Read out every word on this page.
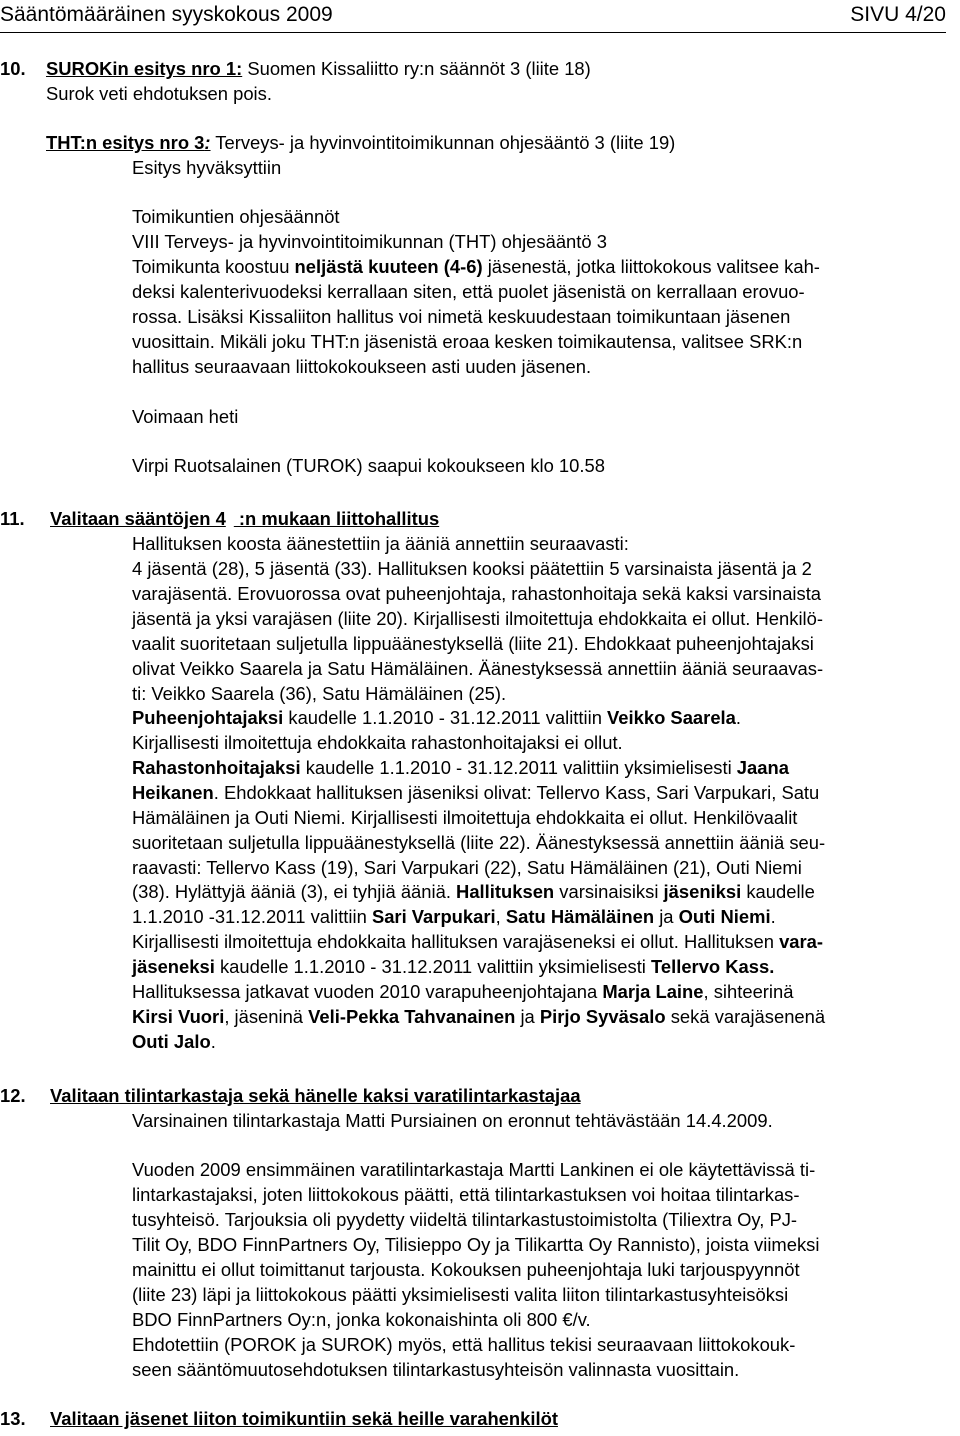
Sääntömääräinen syyskokous 2009	SIVU 4/20
10. SUROKin esitys nro 1: Suomen Kissaliitto ry:n säännöt 3 (liite 18)
Surok veti ehdotuksen pois.
THT:n esitys nro 3: Terveys- ja hyvinvointitoimikunnan ohjesääntö 3 (liite 19)
Esitys hyväksyttiin
Toimikuntien ohjesäännöt
VIII Terveys- ja hyvinvointitoimikunnan (THT) ohjesääntö 3
Toimikunta koostuu neljästä kuuteen (4-6) jäsenestä, jotka liittokokous valitsee kah-
deksi kalenterivuodeksi kerrallaan siten, että puolet jäsenistä on kerrallaan erovuo-
rossa. Lisäksi Kissaliiton hallitus voi nimetä keskuudestaan toimikuntaan jäsenen
vuosittain. Mikäli joku THT:n jäsenistä eroaa kesken toimikautensa, valitsee SRK:n
hallitus seuraavaan liittokokoukseen asti uuden jäsenen.
Voimaan heti
Virpi Ruotsalainen (TUROK) saapui kokoukseen klo 10.58
11. Valitaan sääntöjen 4 :n mukaan liittohallitus
Hallituksen koosta äänestettiin ja ääniä annettiin seuraavasti:
4 jäsentä (28), 5 jäsentä (33). Hallituksen kooksi päätettiin 5 varsinaista jäsentä ja 2
varajäsentä. Erovuorossa ovat puheenjohtaja, rahastonhoitaja sekä kaksi varsinaista
jäsentä ja yksi varajäsen (liite 20). Kirjallisesti ilmoitettuja ehdokkaita ei ollut. Henkilö-
vaalit suoritetaan suljetulla lippuäänestyksellä (liite 21). Ehdokkaat puheenjohtajaksi
olivat Veikko Saarela ja Satu Hämäläinen. Äänestyksessä annettiin ääniä seuraavas-
ti: Veikko Saarela (36), Satu Hämäläinen (25).
Puheenjohtajaksi kaudelle 1.1.2010 - 31.12.2011 valittiin Veikko Saarela.
Kirjallisesti ilmoitettuja ehdokkaita rahastonhoitajaksi ei ollut.
Rahastonhoitajaksi kaudelle 1.1.2010 - 31.12.2011 valittiin yksimielisesti Jaana
Heikanen. Ehdokkaat hallituksen jäseniksi olivat: Tellervo Kass, Sari Varpukari, Satu
Hämäläinen ja Outi Niemi. Kirjallisesti ilmoitettuja ehdokkaita ei ollut. Henkilövaalit
suoritetaan suljetulla lippuäänestyksellä (liite 22). Äänestyksessä annettiin ääniä seu-
raavasti: Tellervo Kass (19), Sari Varpukari (22), Satu Hämäläinen (21), Outi Niemi
(38). Hylättyjä ääniä (3), ei tyhjiä ääniä. Hallituksen varsinaisiksi jäseniksi kaudelle
1.1.2010 -31.12.2011 valittiin Sari Varpukari, Satu Hämäläinen ja Outi Niemi.
Kirjallisesti ilmoitettuja ehdokkaita hallituksen varajäseneksi ei ollut. Hallituksen vara-
jäseneksi kaudelle 1.1.2010 - 31.12.2011 valittiin yksimielisesti Tellervo Kass.
Hallituksessa jatkavat vuoden 2010 varapuheenjohtajana Marja Laine, sihteerinä
Kirsi Vuori, jäseninä Veli-Pekka Tahvanainen ja Pirjo Syväsalo sekä varajäsenenä
Outi Jalo.
12. Valitaan tilintarkastaja sekä hänelle kaksi varatilintarkastajaa
Varsinainen tilintarkastaja Matti Pursiainen on eronnut tehtävästään 14.4.2009.
Vuoden 2009 ensimmäinen varatilintarkastaja Martti Lankinen ei ole käytettävissä ti-
lintarkastajaksi, joten liittokokous päätti, että tilintarkastuksen voi hoitaa tilintarkas-
tusyhteisö. Tarjouksia oli pyydetty viideltä tilintarkastustoimistolta (Tiliextra Oy, PJ-
Tilit Oy, BDO FinnPartners Oy, Tilisieppo Oy ja Tilikartta Oy Rannisto), joista viimeksi
mainittu ei ollut toimittanut tarjousta. Kokouksen puheenjohtaja luki tarjouspyynnöt
(liite 23) läpi ja liittokokous päätti yksimielisesti valita liiton tilintarkastusyhteisöksi
BDO FinnPartners Oy:n, jonka kokonaishinta oli 800 €/v.
Ehdotettiin (POROK ja SUROK) myös, että hallitus tekisi seuraavaan liittokokouk-
seen sääntömuutosehdotuksen tilintarkastusyhteisön valinnasta vuosittain.
13. Valitaan jäsenet liiton toimikuntiin sekä heille varahenkilöt
